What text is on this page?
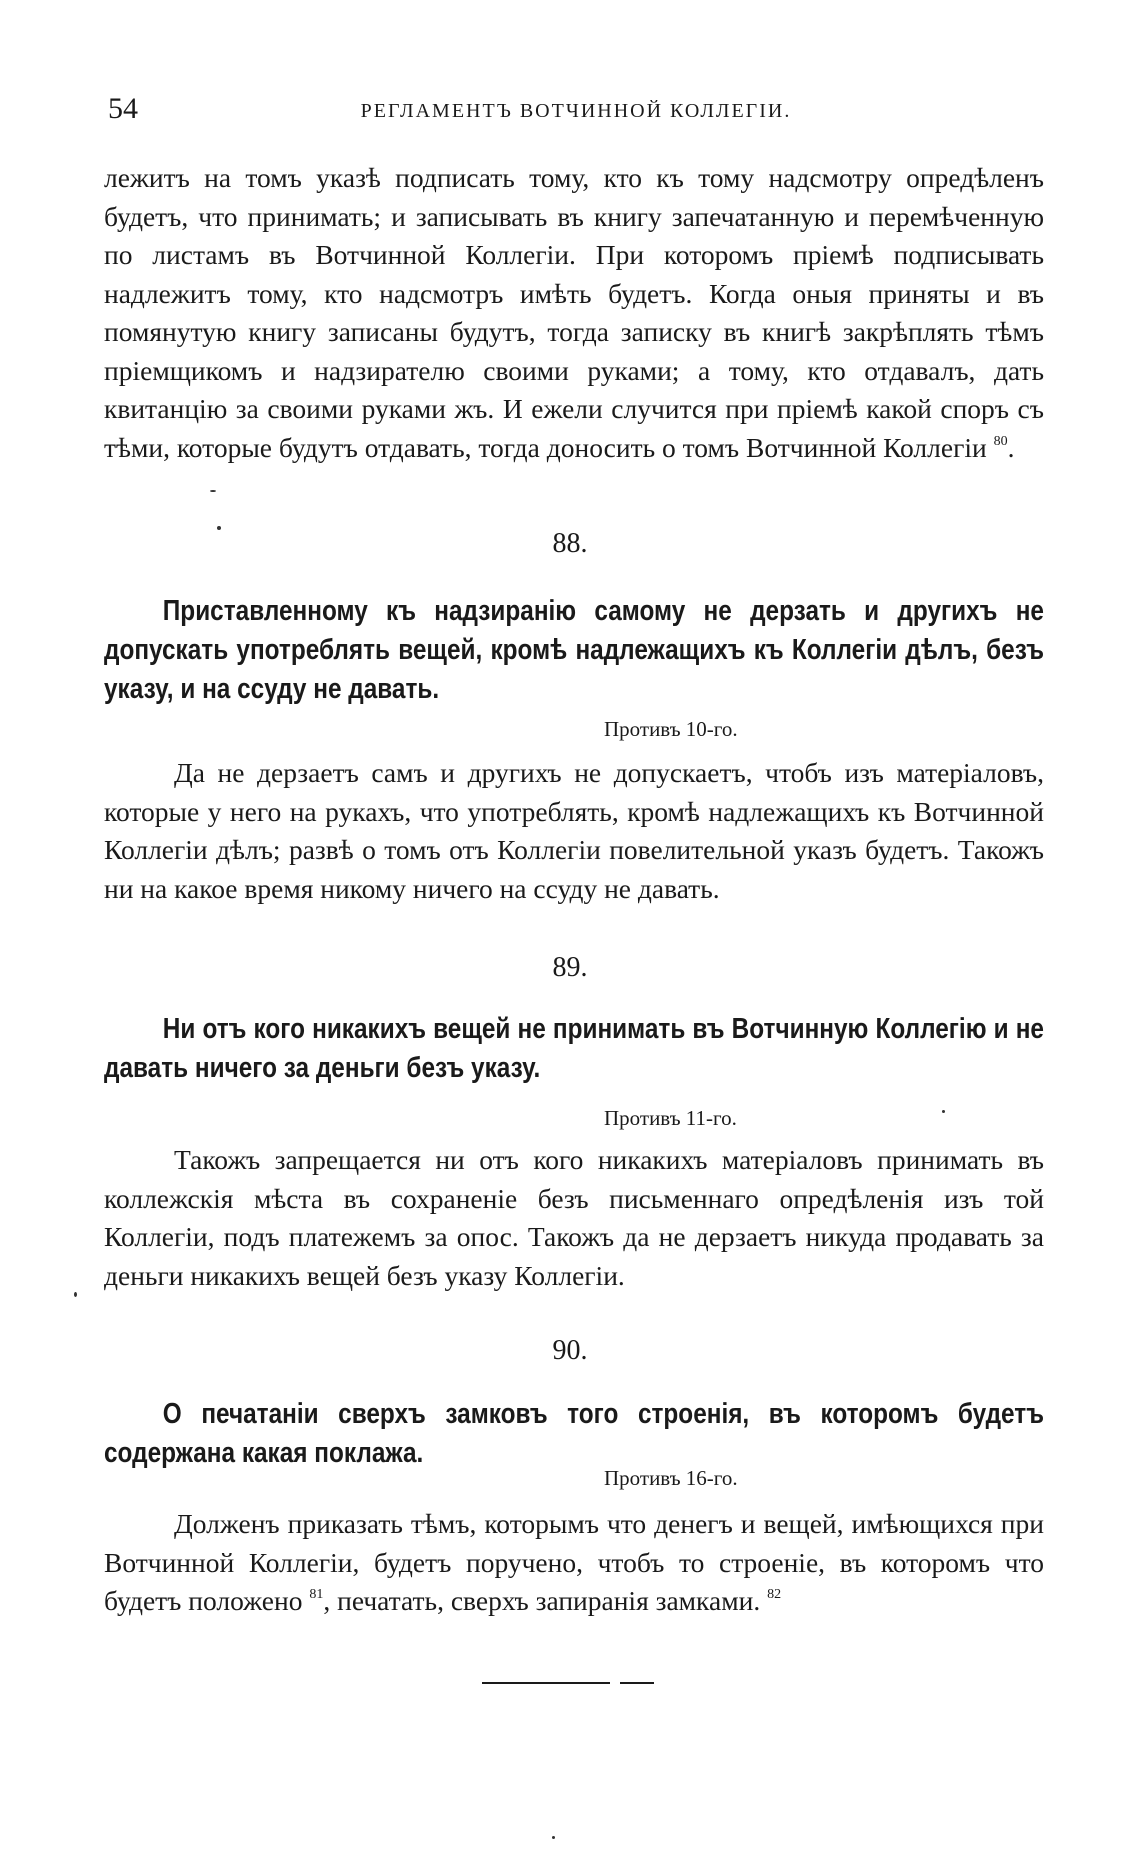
54	РЕГЛАМЕНТЪ ВОТЧИННОЙ КОЛЛЕГІИ.

лежитъ на томъ указѣ подписать тому, кто къ тому надсмотру опредѣленъ будетъ, что принимать; и записывать въ книгу запечатанную и перемѣченную по листамъ въ Вотчинной Коллегіи. При которомъ пріемѣ подписывать надлежитъ тому, кто надсмотръ имѣть будетъ. Когда оныя приняты и въ помянутую книгу записаны будутъ, тогда записку въ книгѣ закрѣплять тѣмъ пріемщикомъ и надзирателю своими руками; а тому, кто отдавалъ, дать квитанцію за своими руками жъ. И ежели случится при пріемѣ какой споръ съ тѣми, которые будутъ отдавать, тогда доносить о томъ Вотчинной Коллегіи $^{80}$.

88.

Приставленному къ надзиранію самому не дерзать и другихъ не допускать употреблять вещей, кромѣ надлежащихъ къ Коллегіи дѣлъ, безъ указу, и на ссуду не давать.

Противъ 10-го.

Да не дерзаетъ самъ и другихъ не допускаетъ, чтобъ изъ матеріаловъ, которые у него на рукахъ, что употреблять, кромѣ надлежащихъ къ Вотчинной Коллегіи дѣлъ; развѣ о томъ отъ Коллегіи повелительной указъ будетъ. Такожъ ни на какое время никому ничего на ссуду не давать.

89.

Ни отъ кого никакихъ вещей не принимать въ Вотчинную Коллегію и не давать ничего за деньги безъ указу.

Противъ 11-го.

Такожъ запрещается ни отъ кого никакихъ матеріаловъ принимать въ коллежскія мѣста въ сохраненіе безъ письменнаго опредѣленія изъ той Коллегіи, подъ платежемъ за опос. Такожъ да не дерзаетъ никуда продавать за деньги никакихъ вещей безъ указу Коллегіи.

90.

О печатаніи сверхъ замковъ того строенія, въ которомъ будетъ содержана какая поклажа.

Противъ 16-го.

Долженъ приказать тѣмъ, которымъ что денегъ и вещей, имѣющихся при Вотчинной Коллегіи, будетъ поручено, чтобъ то строеніе, въ которомъ что будетъ положено $^{81}$, печатать, сверхъ запиранія замками. $^{82}$
